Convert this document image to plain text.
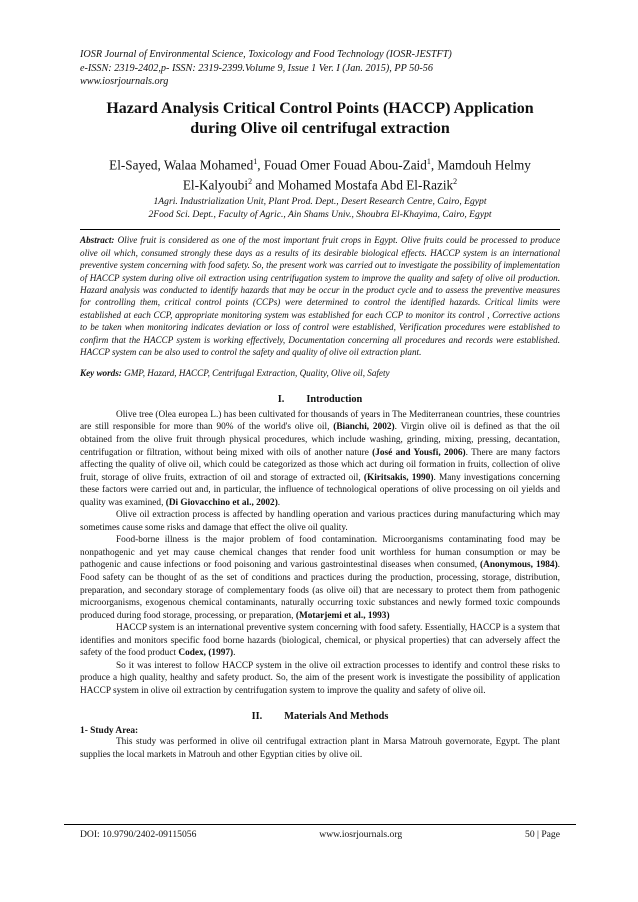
IOSR Journal of Environmental Science, Toxicology and Food Technology (IOSR-JESTFT)
e-ISSN: 2319-2402,p- ISSN: 2319-2399.Volume 9, Issue 1 Ver. I (Jan. 2015), PP 50-56
www.iosrjournals.org
Hazard Analysis Critical Control Points (HACCP) Application
during Olive oil centrifugal extraction
El-Sayed, Walaa Mohamed$^1$, Fouad Omer Fouad Abou-Zaid$^1$, Mamdouh Helmy
El-Kalyoubi$^2$ and Mohamed Mostafa Abd El-Razik$^2$
1Agri. Industrialization Unit, Plant Prod. Dept., Desert Research Centre, Cairo, Egypt
2Food Sci. Dept., Faculty of Agric., Ain Shams Univ., Shoubra El-Khayima, Cairo, Egypt

Abstract: Olive fruit is considered as one of the most important fruit crops in Egypt. Olive fruits could be processed to produce olive oil which, consumed strongly these days as a results of its desirable biological effects. HACCP system is an international preventive system concerning with food safety. So, the present work was carried out to investigate the possibility of implementation of HACCP system during olive oil extraction using centrifugation system to improve the quality and safety of olive oil production. Hazard analysis was conducted to identify hazards that may be occur in the product cycle and to assess the preventive measures for controlling them, critical control points (CCPs) were determined to control the identified hazards. Critical limits were established at each CCP, appropriate monitoring system was established for each CCP to monitor its control , Corrective actions to be taken when monitoring indicates deviation or loss of control were established, Verification procedures were established to confirm that the HACCP system is working effectively, Documentation concerning all procedures and records were established. HACCP system can be also used to control the safety and quality of olive oil extraction plant.

Key words: GMP, Hazard, HACCP, Centrifugal Extraction, Quality, Olive oil, Safety
I. Introduction

Olive tree (Olea europea L.) has been cultivated for thousands of years in The Mediterranean countries, these countries are still responsible for more than 90% of the world's olive oil, (Bianchi, 2002). Virgin olive oil is defined as that the oil obtained from the olive fruit through physical procedures, which include washing, grinding, mixing, pressing, decantation, centrifugation or filtration, without being mixed with oils of another nature (José and Yousfi, 2006). There are many factors affecting the quality of olive oil, which could be categorized as those which act during oil formation in fruits, collection of olive fruit, storage of olive fruits, extraction of oil and storage of extracted oil, (Kiritsakis, 1990). Many investigations concerning these factors were carried out and, in particular, the influence of technological operations of olive processing on oil yields and quality was examined, (Di Giovacchino et al., 2002).

Olive oil extraction process is affected by handling operation and various practices during manufacturing which may sometimes cause some risks and damage that effect the olive oil quality.

Food-borne illness is the major problem of food contamination. Microorganisms contaminating food may be nonpathogenic and yet may cause chemical changes that render food unit worthless for human consumption or may be pathogenic and cause infections or food poisoning and various gastrointestinal diseases when consumed, (Anonymous, 1984). Food safety can be thought of as the set of conditions and practices during the production, processing, storage, distribution, preparation, and secondary storage of complementary foods (as olive oil) that are necessary to protect them from pathogenic microorganisms, exogenous chemical contaminants, naturally occurring toxic substances and newly formed toxic compounds produced during food storage, processing, or preparation, (Motarjemi et al., 1993)

HACCP system is an international preventive system concerning with food safety. Essentially, HACCP is a system that identifies and monitors specific food borne hazards (biological, chemical, or physical properties) that can adversely affect the safety of the food product Codex, (1997).

So it was interest to follow HACCP system in the olive oil extraction processes to identify and control these risks to produce a high quality, healthy and safety product. So, the aim of the present work is investigate the possibility of application HACCP system in olive oil extraction by centrifugation system to improve the quality and safety of olive oil.

II. Materials And Methods
1- Study Area:

This study was performed in olive oil centrifugal extraction plant in Marsa Matrouh governorate, Egypt. The plant supplies the local markets in Matrouh and other Egyptian cities by olive oil.

DOI: 10.9790/2402-09115056	www.iosrjournals.org	50 | Page
